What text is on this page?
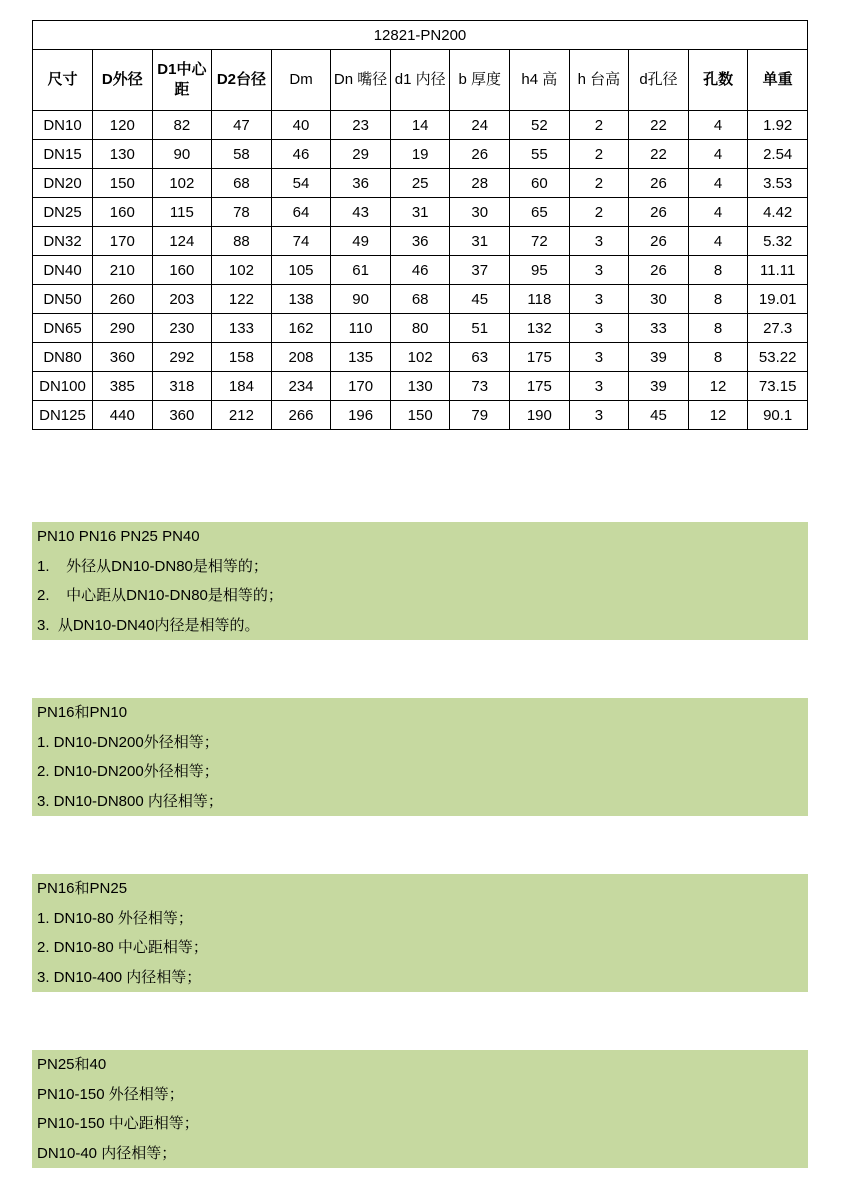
12821-PN200												
尺寸	D外径	D1中心距	D2台径	Dm	Dn 嘴径	d1 内径	b 厚度	h4 高	h 台高	d孔径	孔数	单重
DN10	120	82	47	40	23	14	24	52	2	22	4	1.92
DN15	130	90	58	46	29	19	26	55	2	22	4	2.54
DN20	150	102	68	54	36	25	28	60	2	26	4	3.53
DN25	160	115	78	64	43	31	30	65	2	26	4	4.42
DN32	170	124	88	74	49	36	31	72	3	26	4	5.32
DN40	210	160	102	105	61	46	37	95	3	26	8	11.11
DN50	260	203	122	138	90	68	45	118	3	30	8	19.01
DN65	290	230	133	162	110	80	51	132	3	33	8	27.3
DN80	360	292	158	208	135	102	63	175	3	39	8	53.22
DN100	385	318	184	234	170	130	73	175	3	39	12	73.15
DN125	440	360	212	266	196	150	79	190	3	45	12	90.1
PN10 PN16 PN25 PN40
1.    外径从DN10-DN80是相等的；
2.    中心距从DN10-DN80是相等的；
3.  从DN10-DN40内径是相等的。
PN16和PN10
1. DN10-DN200外径相等；
2. DN10-DN200外径相等；
3. DN10-DN800 内径相等；
PN16和PN25
1. DN10-80 外径相等；
2. DN10-80 中心距相等；
3. DN10-400 内径相等；
PN25和40
PN10-150 外径相等；
PN10-150 中心距相等；
DN10-40 内径相等；
